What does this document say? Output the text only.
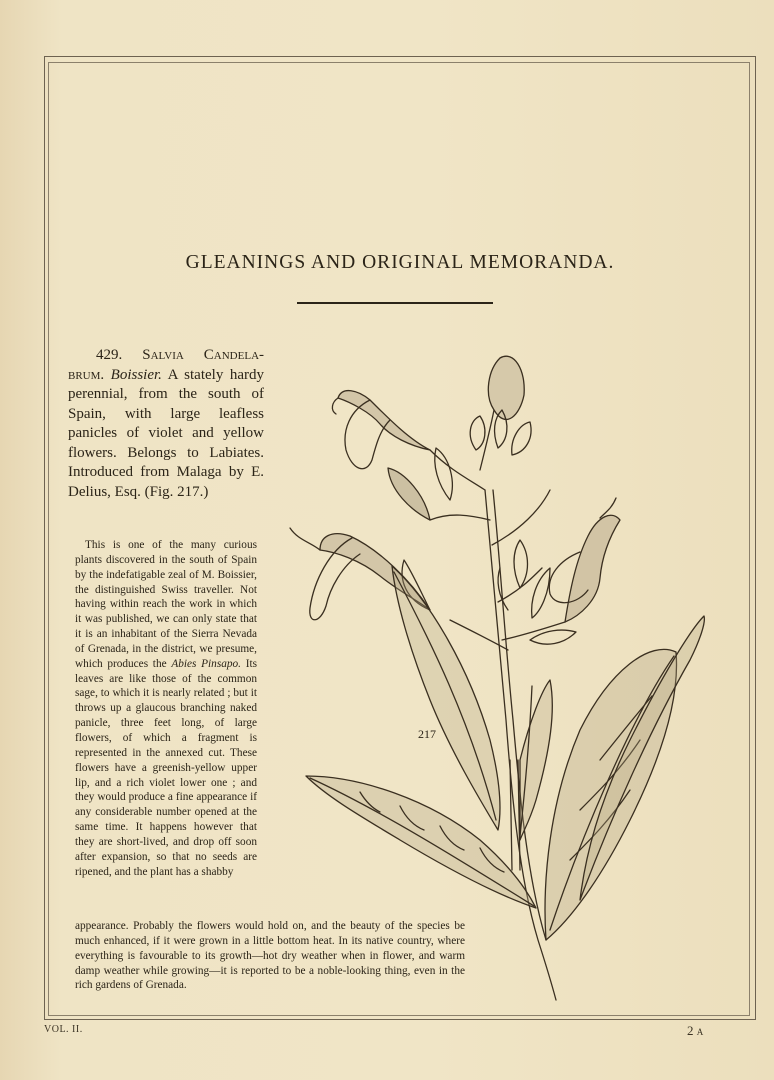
GLEANINGS AND ORIGINAL MEMORANDA.
429. Salvia Candela- brum. Boissier. A stately hardy perennial, from the south of Spain, with large leafless panicles of violet and yellow flowers. Belongs to Labiates. Introduced from Malaga by E. Delius, Esq. (Fig. 217.)
This is one of the many curious plants discovered in the south of Spain by the indefatigable zeal of M. Boissier, the distinguished Swiss traveller. Not having within reach the work in which it was published, we can only state that it is an inhabitant of the Sierra Nevada of Grenada, in the district, we presume, which produces the Abies Pinsapo. Its leaves are like those of the common sage, to which it is nearly related ; but it throws up a glaucous branching naked panicle, three feet long, of large flowers, of which a fragment is represented in the annexed cut. These flowers have a greenish-yellow upper lip, and a rich violet lower one ; and they would produce a fine appearance if any considerable number opened at the same time. It happens however that they are short-lived, and drop off soon after expansion, so that no seeds are ripened, and the plant has a shabby
appearance. Probably the flowers would hold on, and the beauty of the species be much enhanced, if it were grown in a little bottom heat. In its native country, where everything is favourable to its growth—hot dry weather when in flower, and warm damp weather while growing—it is reported to be a noble-looking thing, even in the rich gardens of Grenada.
217
VOL. II.	2 A
